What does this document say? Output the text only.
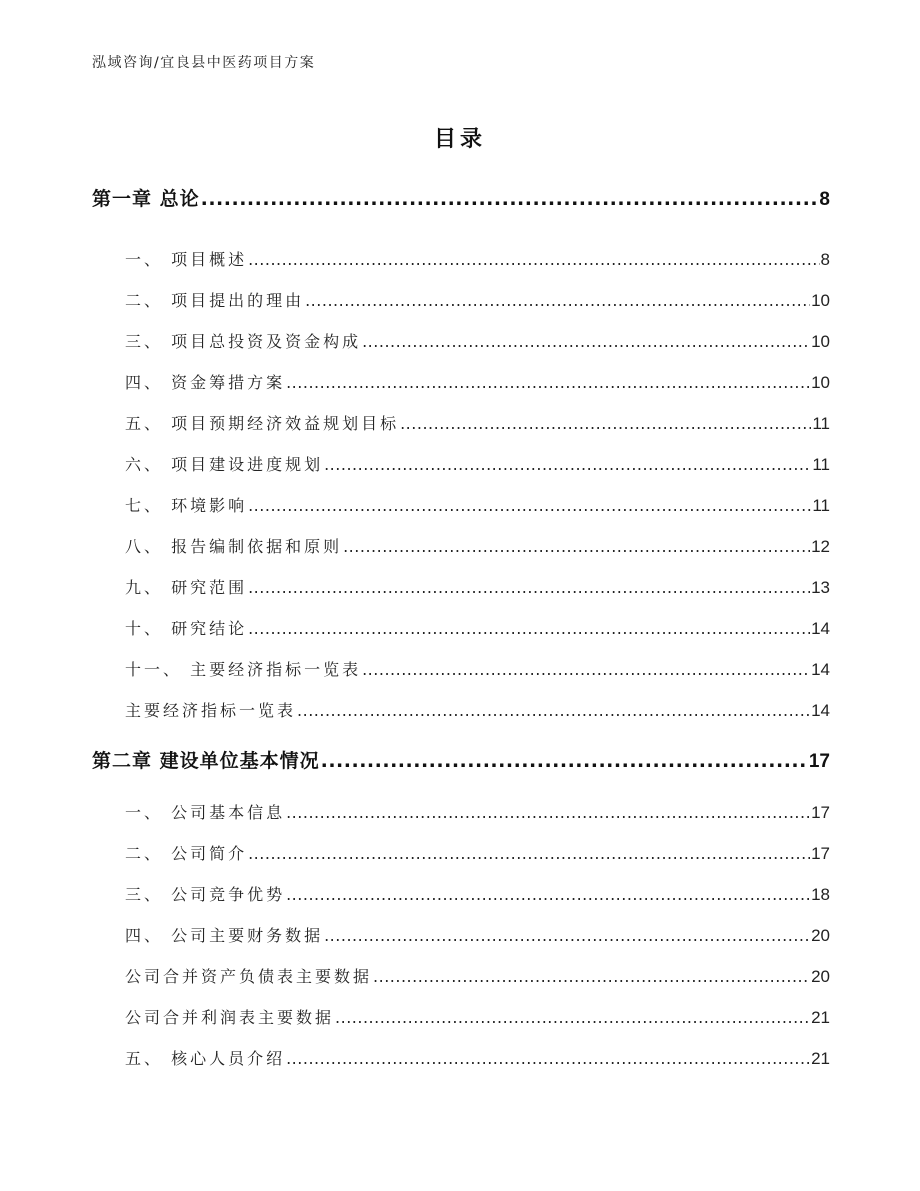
泓域咨询/宜良县中医药项目方案
目录
第一章 总论 .....	8
一、 项目概述 .....	8
二、 项目提出的理由 .....	10
三、 项目总投资及资金构成 .....	10
四、 资金筹措方案 .....	10
五、 项目预期经济效益规划目标 .....	11
六、 项目建设进度规划 .....	11
七、 环境影响 .....	11
八、 报告编制依据和原则 .....	12
九、 研究范围 .....	13
十、 研究结论 .....	14
十一、 主要经济指标一览表 .....	14
主要经济指标一览表 .....	14
第二章 建设单位基本情况 .....	17
一、 公司基本信息 .....	17
二、 公司简介 .....	17
三、 公司竞争优势 .....	18
四、 公司主要财务数据 .....	20
公司合并资产负债表主要数据 .....	20
公司合并利润表主要数据 .....	21
五、 核心人员介绍 .....	21
